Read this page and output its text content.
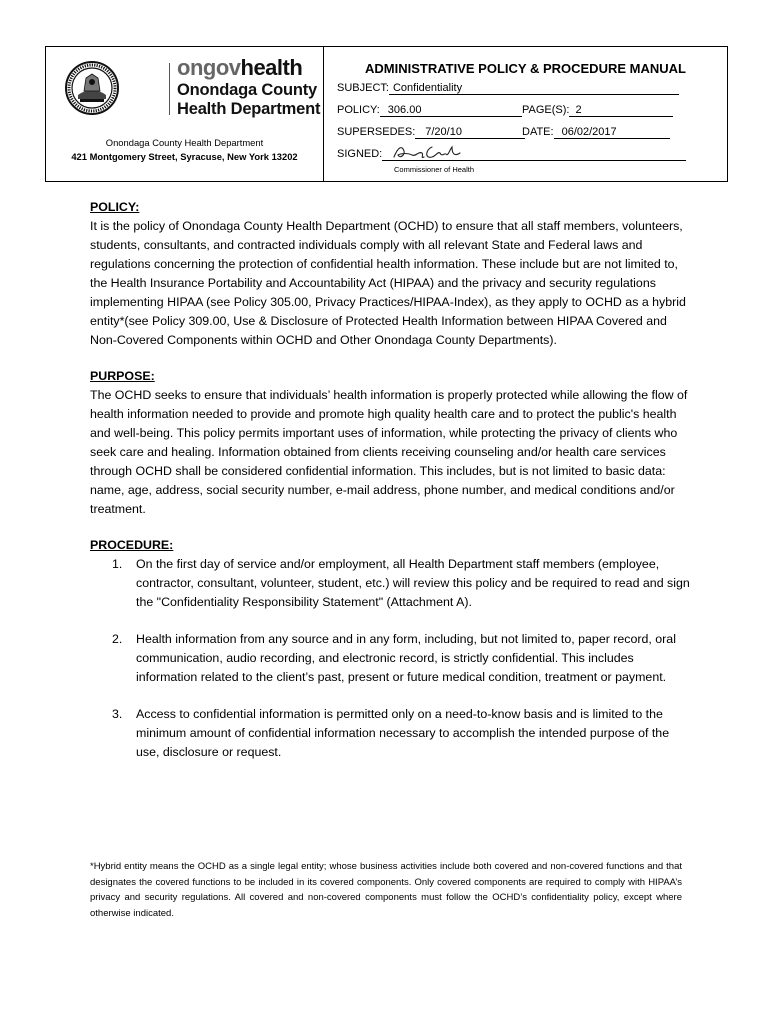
ongovhealth
Onondaga County
Health Department
Onondaga County Health Department
421 Montgomery Street, Syracuse, New York 13202
ADMINISTRATIVE POLICY & PROCEDURE MANUAL
SUBJECT: Confidentiality
POLICY: 306.00	PAGE(S): 2
SUPERSEDES: 7/20/10	DATE: 06/02/2017
SIGNED:
Commissioner of Health
POLICY:
It is the policy of Onondaga County Health Department (OCHD) to ensure that all staff members, volunteers, students, consultants, and contracted individuals comply with all relevant State and Federal laws and regulations concerning the protection of confidential health information. These include but are not limited to, the Health Insurance Portability and Accountability Act (HIPAA) and the privacy and security regulations implementing HIPAA (see Policy 305.00, Privacy Practices/HIPAA-Index), as they apply to OCHD as a hybrid entity*(see Policy 309.00, Use & Disclosure of Protected Health Information between HIPAA Covered and Non-Covered Components within OCHD and Other Onondaga County Departments).
PURPOSE:
The OCHD seeks to ensure that individuals’ health information is properly protected while allowing the flow of health information needed to provide and promote high quality health care and to protect the public's health and well-being. This policy permits important uses of information, while protecting the privacy of clients who seek care and healing. Information obtained from clients receiving counseling and/or health care services through OCHD shall be considered confidential information. This includes, but is not limited to basic data: name, age, address, social security number, e-mail address, phone number, and medical conditions and/or treatment.
PROCEDURE:
1. On the first day of service and/or employment, all Health Department staff members (employee, contractor, consultant, volunteer, student, etc.) will review this policy and be required to read and sign the "Confidentiality Responsibility Statement" (Attachment A).
2. Health information from any source and in any form, including, but not limited to, paper record, oral communication, audio recording, and electronic record, is strictly confidential. This includes information related to the client’s past, present or future medical condition, treatment or payment.
3. Access to confidential information is permitted only on a need-to-know basis and is limited to the minimum amount of confidential information necessary to accomplish the intended purpose of the use, disclosure or request.
*Hybrid entity means the OCHD as a single legal entity; whose business activities include both covered and non-covered functions and that designates the covered functions to be included in its covered components. Only covered components are required to comply with HIPAA’s privacy and security regulations. All covered and non-covered components must follow the OCHD’s confidentiality policy, except where otherwise indicated.
